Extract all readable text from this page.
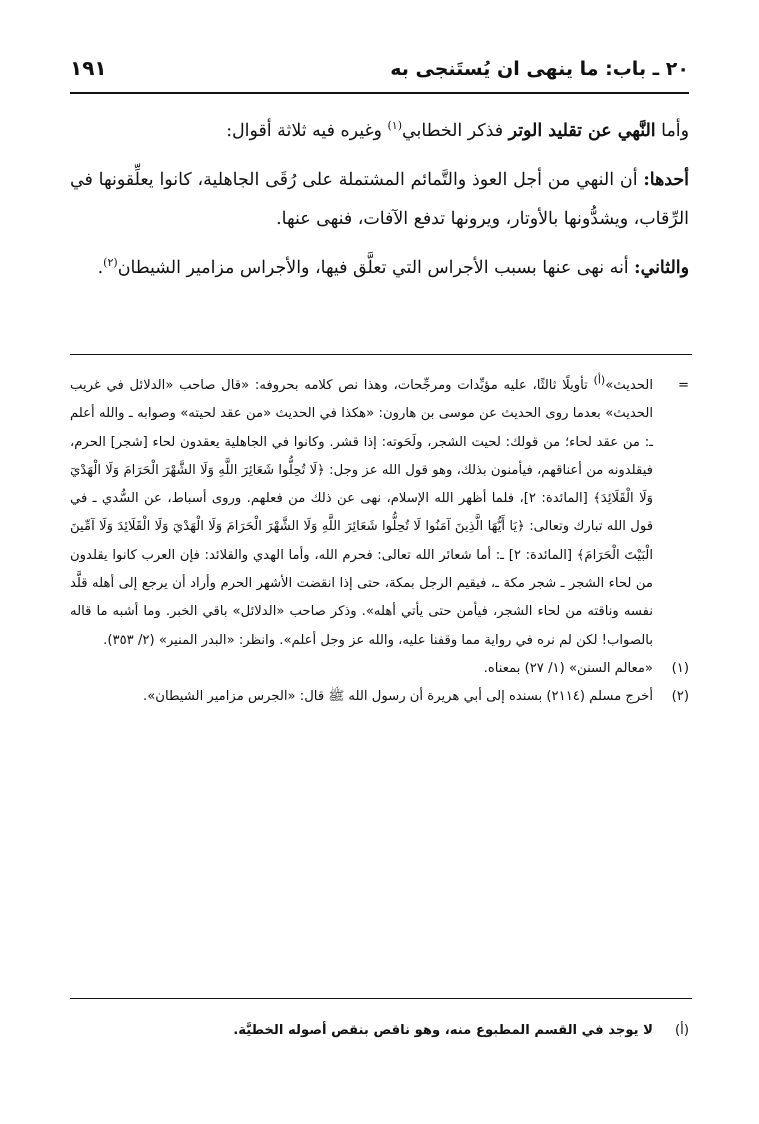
٢٠ ـ باب: ما ينهى ان يُستَنجى به
١٩١

وأما النَّهي عن تقليد الوتر فذكر الخطابي$^{(١)}$ وغيره فيه ثلاثة أقوال:

أحدها: أن النهي من أجل العوذ والتَّمائم المشتملة على رُقَى الجاهلية، كانوا يعلِّقونها في الرِّقاب، ويشدُّونها بالأوتار، ويرونها تدفع الآفات، فنهى عنها.

والثاني: أنه نهى عنها بسبب الأجراس التي تعلَّق فيها، والأجراس مزامير الشيطان$^{(٢)}$.

=

الحديث»$^{(أ)}$ تأويلًا ثالثًا، عليه مؤيِّدات ومرجِّحات، وهذا نص كلامه بحروفه: «قال صاحب «الدلائل في غريب الحديث» بعدما روى الحديث عن موسى بن هارون: «هكذا في الحديث «من عقد لحيته» وصوابه ـ والله أعلم ـ: من عقد لحاء؛ من قولك: لحيت الشجر، ولَحَوته: إذا قشر. وكانوا في الجاهلية يعقدون لحاء [شجر] الحرم، فيقلدونه من أعناقهم، فيأمنون بذلك، وهو قول الله عز وجل: ﴿لَا تُحِلُّوا شَعَائِرَ اللَّهِ وَلَا الشَّهْرَ الْحَرَامَ وَلَا الْهَدْيَ وَلَا الْقَلَائِدَ﴾ [المائدة: ٢]، فلما أظهر الله الإسلام، نهى عن ذلك من فعلهم. وروى أسباط، عن السُّدي ـ في قول الله تبارك وتعالى: ﴿يَا أَيُّهَا الَّذِينَ آمَنُوا لَا تُحِلُّوا شَعَائِرَ اللَّهِ وَلَا الشَّهْرَ الْحَرَامَ وَلَا الْهَدْيَ وَلَا الْقَلَائِدَ وَلَا آمِّينَ الْبَيْتَ الْحَرَامَ﴾ [المائدة: ٢] ـ: أما شعائر الله تعالى: فحرم الله، وأما الهدي والقلائد: فإن العرب كانوا يقلدون من لحاء الشجر ـ شجر مكة ـ، فيقيم الرجل بمكة، حتى إذا انقضت الأشهر الحرم وأراد أن يرجع إلى أهله قلَّد نفسه وناقته من لحاء الشجر، فيأمن حتى يأتي أهله». وذكر صاحب «الدلائل» باقي الخبر. وما أشبه ما قاله بالصواب! لكن لم نره في رواية مما وقفنا عليه، والله عز وجل أعلم». وانظر: «البدر المنير» (٢/ ٣٥٣).

(١)

«معالم السنن» (١/ ٢٧) بمعناه.

(٢)

أخرج مسلم (٢١١٤) بسنده إلى أبي هريرة أن رسول الله ﷺ قال: «الجرس مزامير الشيطان».

(أ)
لا يوجد في القسم المطبوع منه، وهو ناقص بنقص أصوله الخطيَّة.
